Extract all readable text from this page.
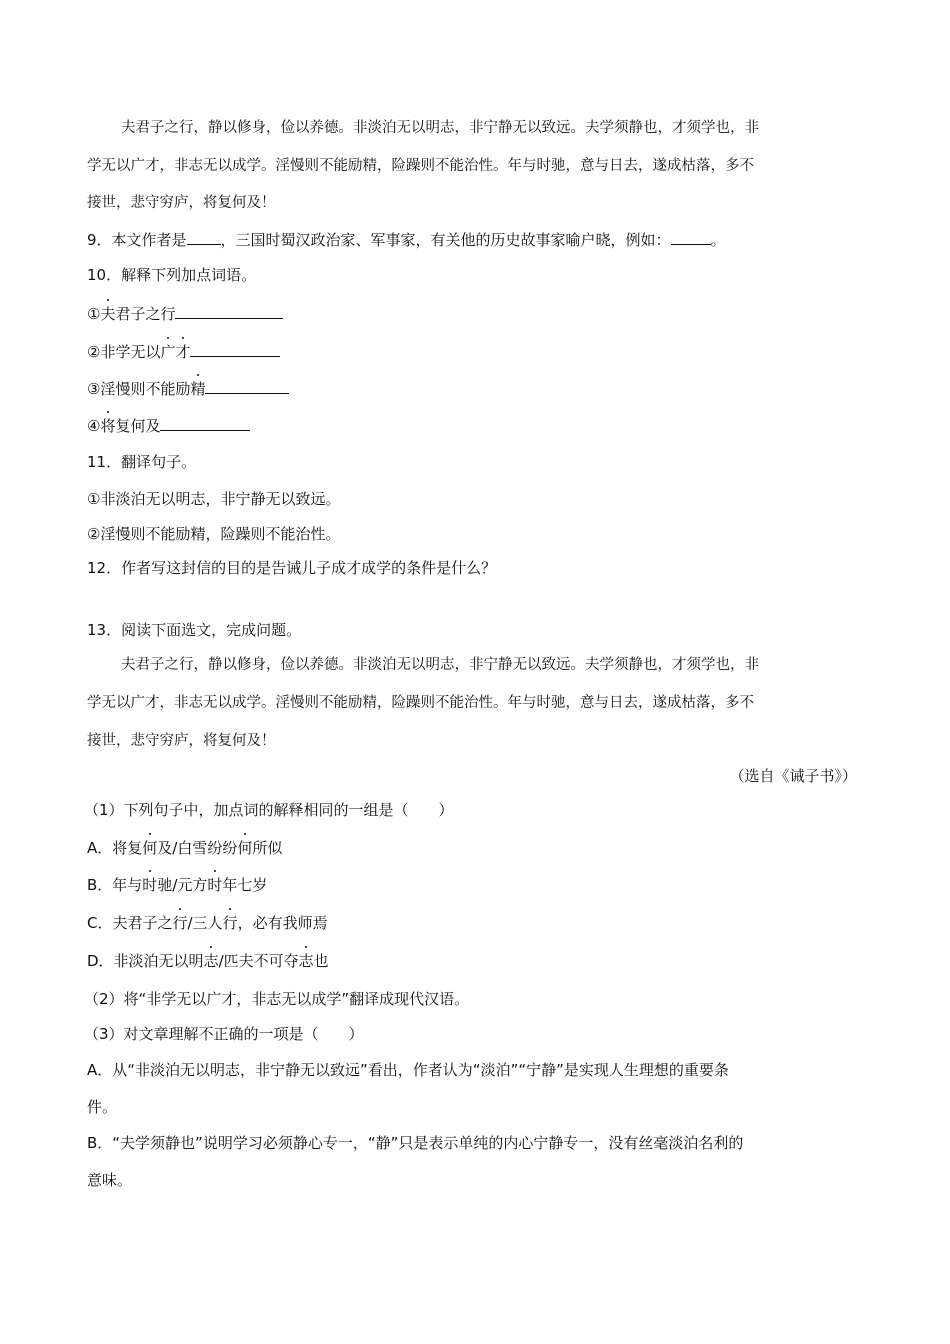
夫君子之行，静以修身，俭以养德。非淡泊无以明志，非宁静无以致远。夫学须静也，才须学也，非
学无以广才，非志无以成学。淫慢则不能励精，险躁则不能治性。年与时驰，意与日去，遂成枯落，多不
接世，悲守穷庐，将复何及！
9．本文作者是 ，三国时蜀汉政治家、军事家，有关他的历史故事家喻户晓，例如：	。
10．解释下列加点词语。
①夫君子之行
②非学无以广才
③淫慢则不能励精
④将复何及
11．翻译句子。
①非淡泊无以明志，非宁静无以致远。
②淫慢则不能励精，险躁则不能治性。
12．作者写这封信的目的是告诫儿子成才成学的条件是什么？
13．阅读下面选文，完成问题。
夫君子之行，静以修身，俭以养德。非淡泊无以明志，非宁静无以致远。夫学须静也，才须学也，非
学无以广才，非志无以成学。淫慢则不能励精，险躁则不能治性。年与时驰，意与日去，遂成枯落，多不
接世，悲守穷庐，将复何及！
（选自《诫子书》）
（1）下列句子中，加点词的解释相同的一组是（　　）
A．将复何及/白雪纷纷何所似
B．年与时驰/元方时年七岁
C．夫君子之行/三人行，必有我师焉
D．非淡泊无以明志/匹夫不可夺志也
（2）将“非学无以广才，非志无以成学”翻译成现代汉语。
（3）对文章理解不正确的一项是（　　）
A．从“非淡泊无以明志，非宁静无以致远”看出，作者认为“淡泊”“宁静”是实现人生理想的重要条
件。
B．“夫学须静也”说明学习必须静心专一，“静”只是表示单纯的内心宁静专一，没有丝毫淡泊名利的
意味。
